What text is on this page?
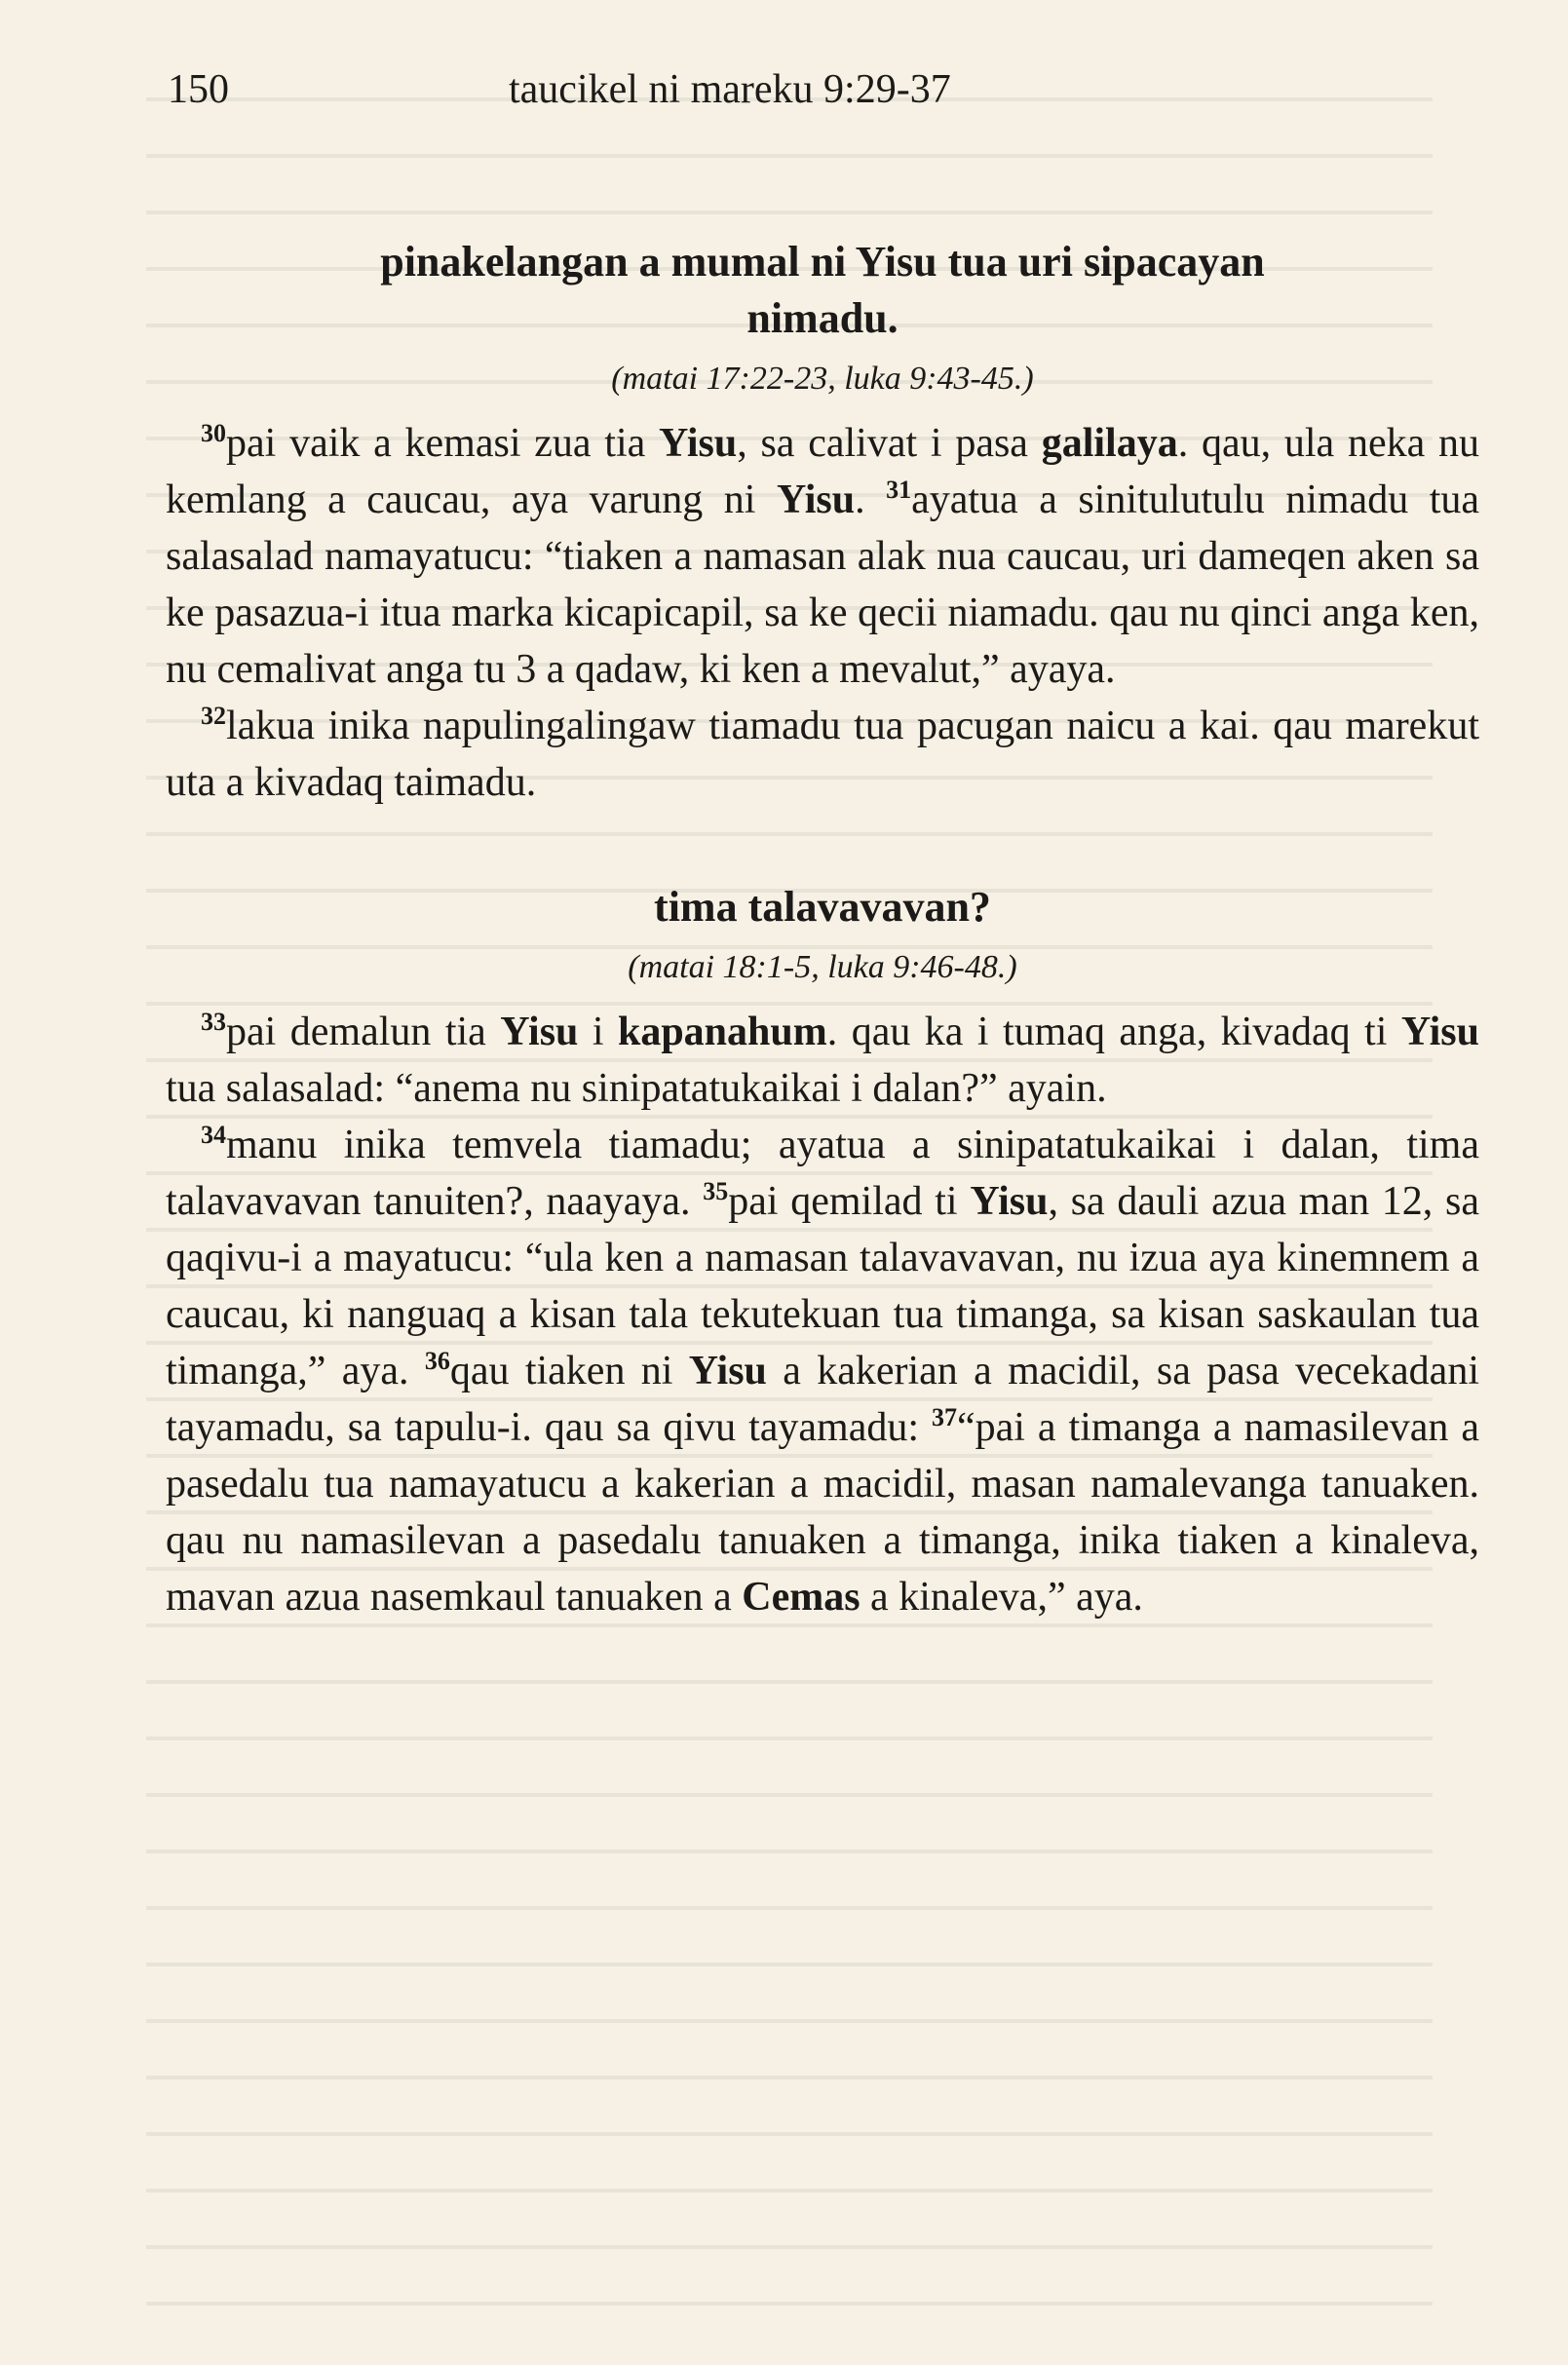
150	taucikel ni mareku 9:29-37

pinakelangan a mumal ni Yisu tua uri sipacayan

nimadu.

(matai 17:22-23, luka 9:43-45.)

$^{30}$pai vaik a kemasi zua tia Yisu, sa calivat i pasa galilaya. qau, ula neka nu kemlang a caucau, aya varung ni Yisu. $^{31}$ayatua a sinitulutulu nimadu tua salasalad namayatucu: “tiaken a namasan alak nua caucau, uri dameqen aken sa ke pasazua-i itua marka kicapicapil, sa ke qecii niamadu. qau nu qinci anga ken, nu cemalivat anga tu 3 a qadaw, ki ken a mevalut,” ayaya.

$^{32}$lakua inika napulingalingaw tiamadu tua pacugan naicu a kai. qau marekut uta a kivadaq taimadu.

tima talavavavan?

(matai 18:1-5, luka 9:46-48.)

$^{33}$pai demalun tia Yisu i kapanahum. qau ka i tumaq anga, kivadaq ti Yisu tua salasalad: “anema nu sinipatatukaikai i dalan?” ayain.

$^{34}$manu inika temvela tiamadu; ayatua a sinipatatukaikai i dalan, tima talavavavan tanuiten?, naayaya. $^{35}$pai qemilad ti Yisu, sa dauli azua man 12, sa qaqivu-i a mayatucu: “ula ken a namasan talavavavan, nu izua aya kinemnem a caucau, ki nanguaq a kisan tala tekutekuan tua timanga, sa kisan saskaulan tua timanga,” aya. $^{36}$qau tiaken ni Yisu a kakerian a macidil, sa pasa vecekadani tayamadu, sa tapulu-i. qau sa qivu tayamadu: $^{37}$“pai a timanga a namasilevan a pasedalu tua namayatucu a kakerian a macidil, masan namalevanga tanuaken. qau nu namasilevan a pasedalu tanuaken a timanga, inika tiaken a kinaleva, mavan azua nasemkaul tanuaken a Cemas a kinaleva,” aya.
